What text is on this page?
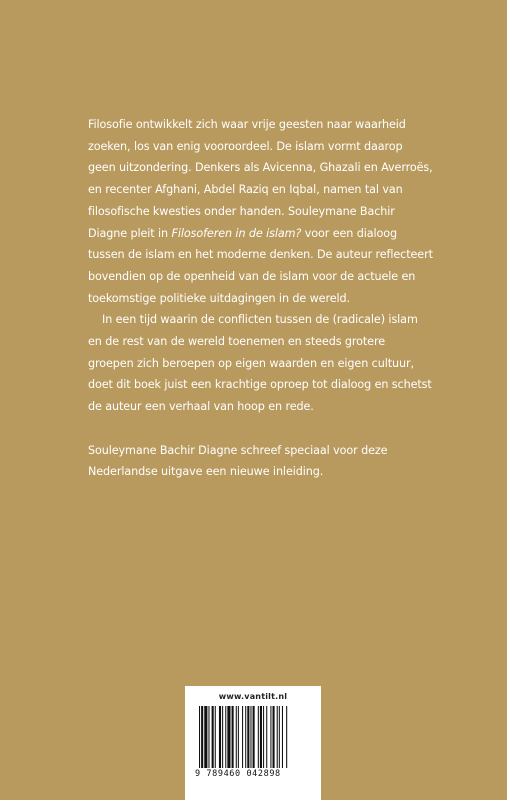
Filosofie ontwikkelt zich waar vrije geesten naar waarheid zoeken, los van enig vooroordeel. De islam vormt daarop geen uitzondering. Denkers als Avicenna, Ghazali en Averroës, en recenter Afghani, Abdel Raziq en Iqbal, namen tal van filosofische kwesties onder handen. Souleymane Bachir Diagne pleit in Filosoferen in de islam? voor een dialoog tussen de islam en het moderne denken. De auteur reflecteert bovendien op de openheid van de islam voor de actuele en toekomstige politieke uitdagingen in de wereld.

In een tijd waarin de conflicten tussen de (radicale) islam en de rest van de wereld toenemen en steeds grotere groepen zich beroepen op eigen waarden en eigen cultuur, doet dit boek juist een krachtige oproep tot dialoog en schetst de auteur een verhaal van hoop en rede.

Souleymane Bachir Diagne schreef speciaal voor deze Nederlandse uitgave een nieuwe inleiding.

www.vantilt.nl
9 789460 042898
